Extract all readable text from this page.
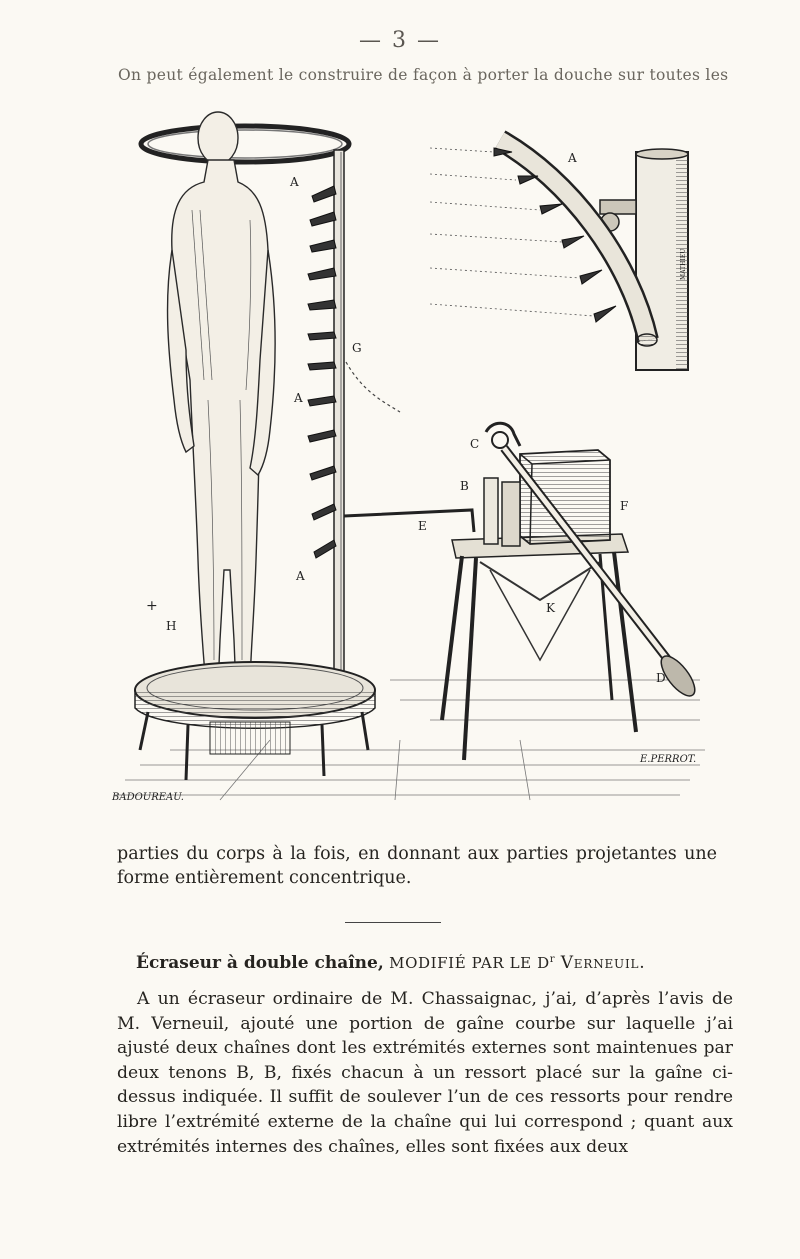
— 3 —
On peut également le construire de façon à porter la douche sur toutes les
A
A
A
A
G
C
B
E
F
K
D
H
+
MATHIEU
BADOUREAU.
E.PERROT.
parties du corps à la fois, en donnant aux parties projetantes une forme entièrement concentrique.
Écraseur à double chaîne, MODIFIÉ PAR LE $D^r$ Verneuil.
A un écraseur ordinaire de M. Chassaignac, j’ai, d’après l’avis de M. Verneuil, ajouté une portion de gaîne courbe sur laquelle j’ai ajusté deux chaînes dont les extrémités externes sont maintenues par deux tenons B, B, fixés chacun à un ressort placé sur la gaîne ci-dessus indiquée. Il suffit de soulever l’un de ces ressorts pour rendre libre l’extrémité externe de la chaîne qui lui correspond ; quant aux extrémités internes des chaînes, elles sont fixées aux deux
